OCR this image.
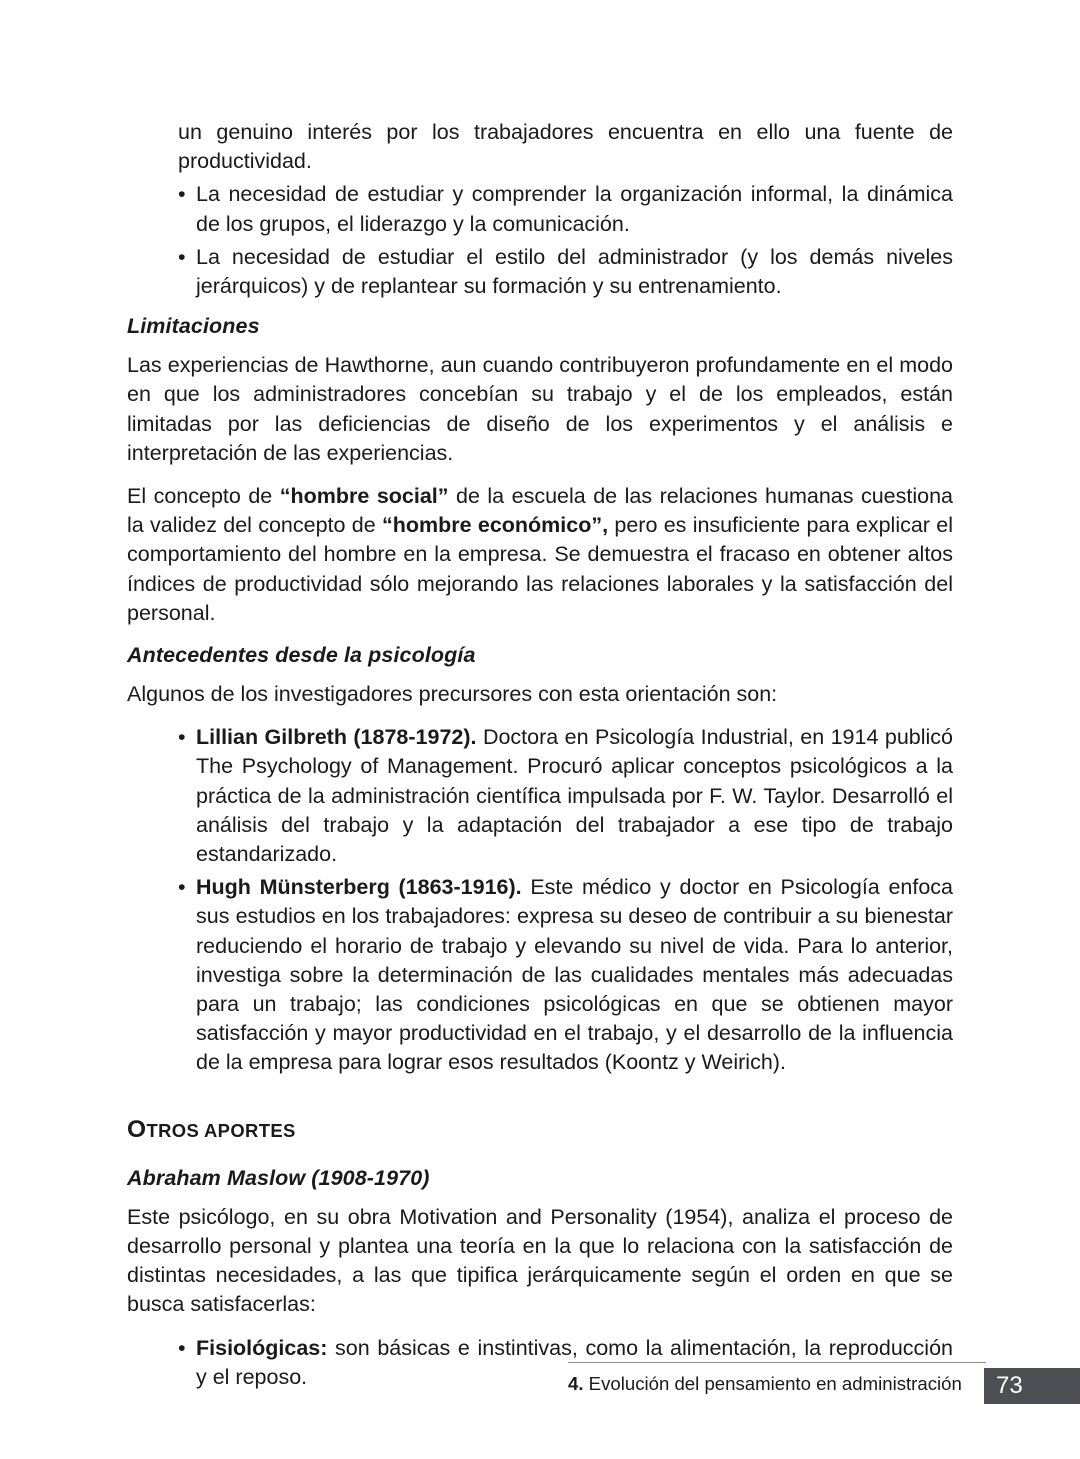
un genuino interés por los trabajadores encuentra en ello una fuente de productividad.

• La necesidad de estudiar y comprender la organización informal, la dinámica de los grupos, el liderazgo y la comunicación.
• La necesidad de estudiar el estilo del administrador (y los demás niveles jerárquicos) y de replantear su formación y su entrenamiento.
Limitaciones

Las experiencias de Hawthorne, aun cuando contribuyeron profundamente en el modo en que los administradores concebían su trabajo y el de los empleados, están limitadas por las deficiencias de diseño de los experimentos y el análisis e interpretación de las experiencias.

El concepto de “hombre social” de la escuela de las relaciones humanas cuestiona la validez del concepto de “hombre económico”, pero es insuficiente para explicar el comportamiento del hombre en la empresa. Se demuestra el fracaso en obtener altos índices de productividad sólo mejorando las relaciones laborales y la satisfacción del personal.

Antecedentes desde la psicología

Algunos de los investigadores precursores con esta orientación son:

• Lillian Gilbreth (1878-1972). Doctora en Psicología Industrial, en 1914 publicó The Psychology of Management. Procuró aplicar conceptos psicológicos a la práctica de la administración científica impulsada por F. W. Taylor. Desarrolló el análisis del trabajo y la adaptación del trabajador a ese tipo de trabajo estandarizado.
• Hugh Münsterberg (1863-1916). Este médico y doctor en Psicología enfoca sus estudios en los trabajadores: expresa su deseo de contribuir a su bienestar reduciendo el horario de trabajo y elevando su nivel de vida. Para lo anterior, investiga sobre la determinación de las cualidades mentales más adecuadas para un trabajo; las condiciones psicológicas en que se obtienen mayor satisfacción y mayor productividad en el trabajo, y el desarrollo de la influencia de la empresa para lograr esos resultados (Koontz y Weirich).
OTROS APORTES
Abraham Maslow (1908-1970)

Este psicólogo, en su obra Motivation and Personality (1954), analiza el proceso de desarrollo personal y plantea una teoría en la que lo relaciona con la satisfacción de distintas necesidades, a las que tipifica jerárquicamente según el orden en que se busca satisfacerlas:

• Fisiológicas: son básicas e instintivas, como la alimentación, la reproducción y el reposo.	4. Evolución del pensamiento en administración 73
